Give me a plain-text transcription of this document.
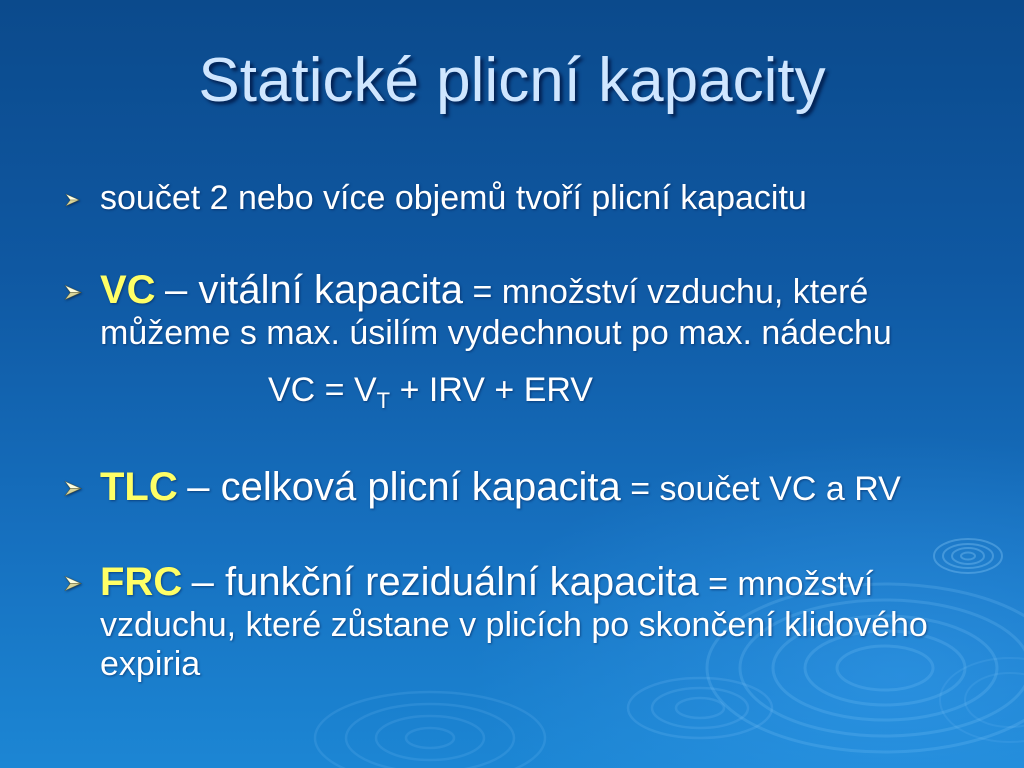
Statické plicní kapacity
součet 2 nebo více objemů tvoří plicní kapacitu
VC – vitální kapacita = množství vzduchu, které
můžeme s max. úsilím vydechnout po max. nádechu
VC = $V_T$ + IRV + ERV
TLC – celková plicní kapacita = součet VC a RV
FRC – funkční reziduální kapacita = množství
vzduchu, které zůstane v plicích po skončení klidového
expiria
